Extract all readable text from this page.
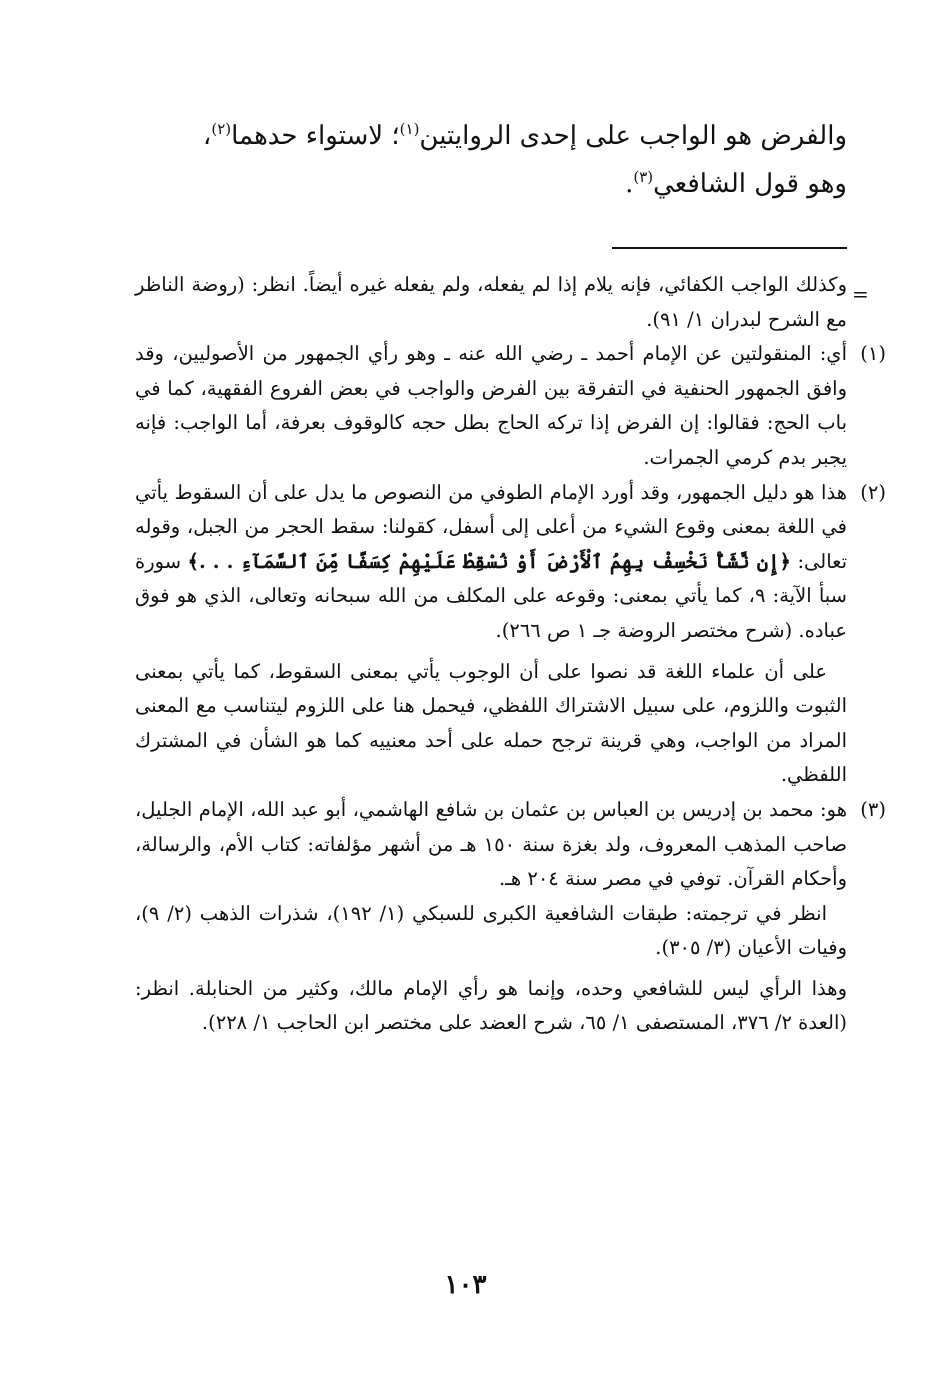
والفرض هو الواجب على إحدى الروايتين$^{(١)}$؛ لاستواء حدهما$^{(٢)}$،

وهو قول الشافعي$^{(٣)}$.

=

وكذلك الواجب الكفائي، فإنه يلام إذا لم يفعله، ولم يفعله غيره أيضاً. انظر: (روضة الناظر مع الشرح لبدران ١/ ٩١).

(١)

أي: المنقولتين عن الإمام أحمد ـ رضي الله عنه ـ وهو رأي الجمهور من الأصوليين، وقد وافق الجمهور الحنفية في التفرقة بين الفرض والواجب في بعض الفروع الفقهية، كما في باب الحج: فقالوا: إن الفرض إذا تركه الحاج بطل حجه كالوقوف بعرفة، أما الواجب: فإنه يجبر بدم كرمي الجمرات.

(٢)

هذا هو دليل الجمهور، وقد أورد الإمام الطوفي من النصوص ما يدل على أن السقوط يأتي في اللغة بمعنى وقوع الشيء من أعلى إلى أسفل، كقولنا: سقط الحجر من الجبل، وقوله تعالى: ﴿إِن نَّشَأْ نَخْسِفْ بِهِمُ ٱلْأَرْضَ أَوْ نُسْقِطْ عَلَيْهِمْ كِسَفًا مِّنَ ٱلسَّمَآءِ . . .﴾ سورة سبأ الآية: ٩، كما يأتي بمعنى: وقوعه على المكلف من الله سبحانه وتعالى، الذي هو فوق عباده. (شرح مختصر الروضة جـ ١ ص ٢٦٦).

على أن علماء اللغة قد نصوا على أن الوجوب يأتي بمعنى السقوط، كما يأتي بمعنى الثبوت واللزوم، على سبيل الاشتراك اللفظي، فيحمل هنا على اللزوم ليتناسب مع المعنى المراد من الواجب، وهي قرينة ترجح حمله على أحد معنييه كما هو الشأن في المشترك اللفظي.

(٣)

هو: محمد بن إدريس بن العباس بن عثمان بن شافع الهاشمي، أبو عبد الله، الإمام الجليل، صاحب المذهب المعروف، ولد بغزة سنة ١٥٠ هـ من أشهر مؤلفاته: كتاب الأم، والرسالة، وأحكام القرآن. توفي في مصر سنة ٢٠٤ هـ.

انظر في ترجمته: طبقات الشافعية الكبرى للسبكي (١/ ١٩٢)، شذرات الذهب (٢/ ٩)، وفيات الأعيان (٣/ ٣٠٥).

وهذا الرأي ليس للشافعي وحده، وإنما هو رأي الإمام مالك، وكثير من الحنابلة. انظر: (العدة ٢/ ٣٧٦، المستصفى ١/ ٦٥، شرح العضد على مختصر ابن الحاجب ١/ ٢٢٨).

١٠٣
